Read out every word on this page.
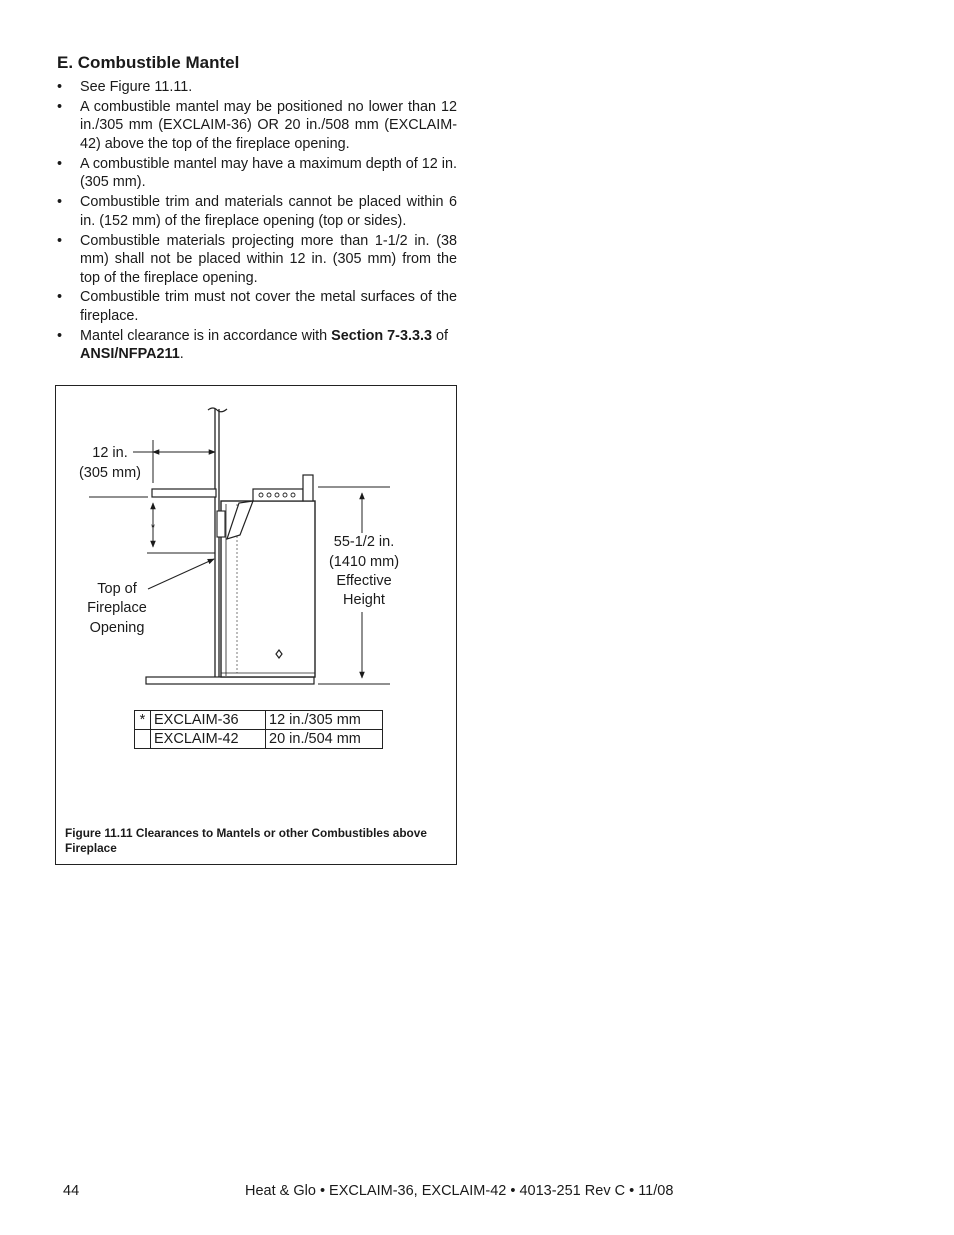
E. Combustible Mantel
• See Figure 11.11.
• A combustible mantel may be positioned no lower than 12 in./305 mm (EXCLAIM-36) OR 20 in./508 mm (EXCLAIM-42) above the top of the fireplace opening.
• A combustible mantel may have a maximum depth of 12 in. (305 mm).
• Combustible trim and materials cannot be placed within 6 in. (152 mm) of the fireplace opening (top or sides).
• Combustible materials projecting more than 1-1/2 in. (38 mm) shall not be placed within 12 in. (305 mm) from the top of the fireplace opening.
• Combustible trim must not cover the metal surfaces of the fireplace.
• Mantel clearance is in accordance with Section 7-3.3.3 of ANSI/NFPA211.
12 in.
(305 mm)
*
Top of
Fireplace
Opening
55-1/2 in.
(1410 mm)
Effective
Height
*	EXCLAIM-36	12 in./305 mm
	EXCLAIM-42	20 in./504 mm

Figure 11.11 Clearances to Mantels or other Combustibles above Fireplace

44	Heat & Glo • EXCLAIM-36, EXCLAIM-42 • 4013-251 Rev C • 11/08
